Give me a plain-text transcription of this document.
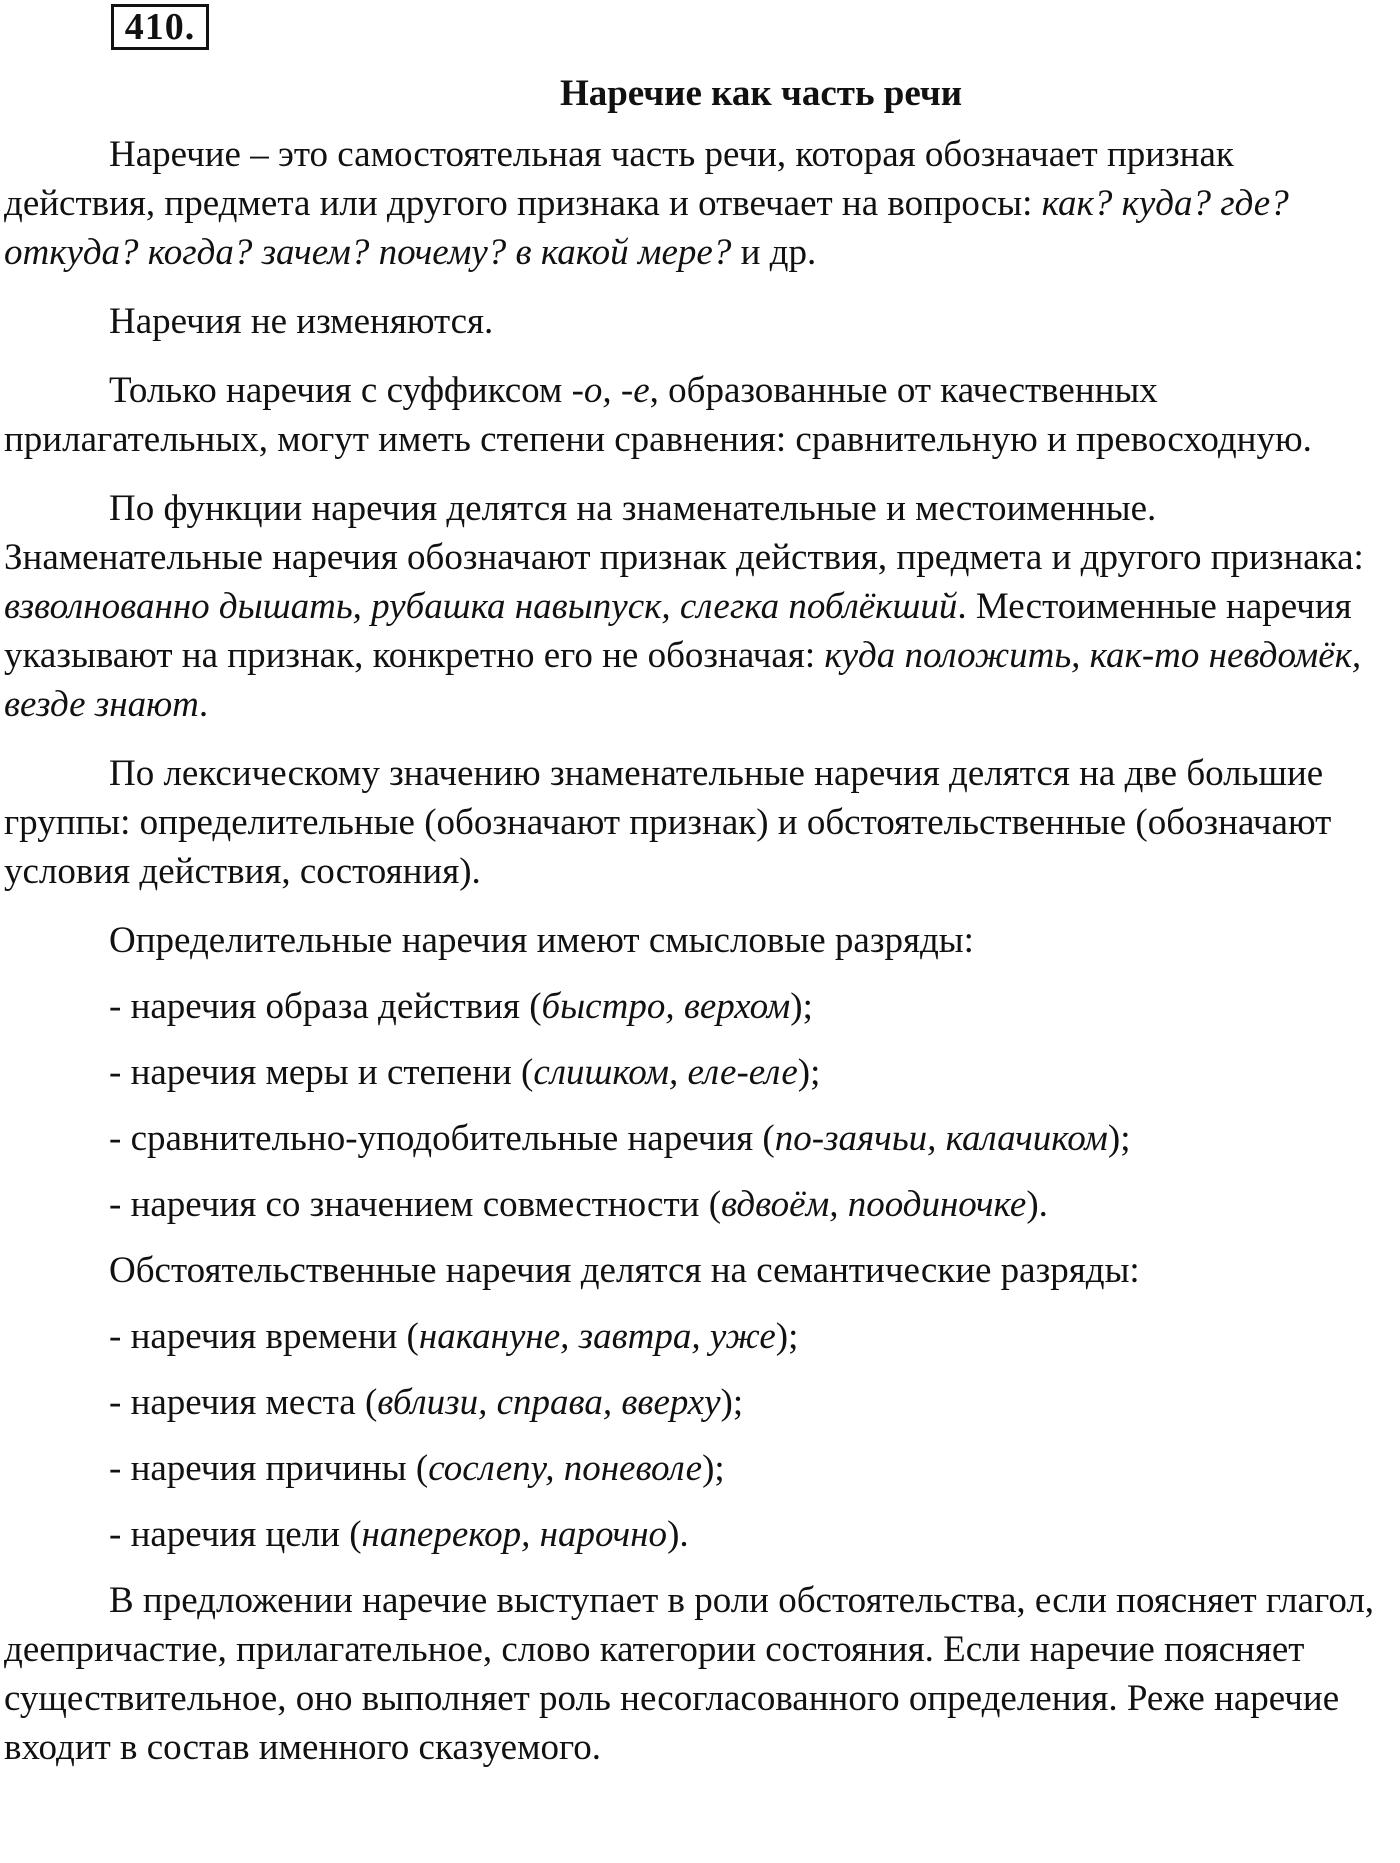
410.
Наречие как часть речи

Наречие – это самостоятельная часть речи, которая обозначает признак действия, предмета или другого признака и отвечает на вопросы: как? куда? где? откуда? когда? зачем? почему? в какой мере? и др.

Наречия не изменяются.

Только наречия с суффиксом -о, -е, образованные от качественных прилагательных, могут иметь степени сравнения: сравнительную и превосходную.

По функции наречия делятся на знаменательные и местоименные. Знаменательные наречия обозначают признак действия, предмета и другого признака: взволнованно дышать, рубашка навыпуск, слегка поблёкший. Местоименные наречия указывают на признак, конкретно его не обозначая: куда положить, как-то невдомёк, везде знают.

По лексическому значению знаменательные наречия делятся на две большие группы: определительные (обозначают признак) и обстоятельственные (обозначают условия действия, состояния).

Определительные наречия имеют смысловые разряды:

- наречия образа действия (быстро, верхом);

- наречия меры и степени (слишком, еле-еле);

- сравнительно-уподобительные наречия (по-заячьи, калачиком);

- наречия со значением совместности (вдвоём, поодиночке).

Обстоятельственные наречия делятся на семантические разряды:

- наречия времени (накануне, завтра, уже);

- наречия места (вблизи, справа, вверху);

- наречия причины (сослепу, поневоле);

- наречия цели (наперекор, нарочно).

В предложении наречие выступает в роли обстоятельства, если поясняет глагол, деепричастие, прилагательное, слово категории состояния. Если наречие поясняет существительное, оно выполняет роль несогласованного определения. Реже наречие входит в состав именного сказуемого.
